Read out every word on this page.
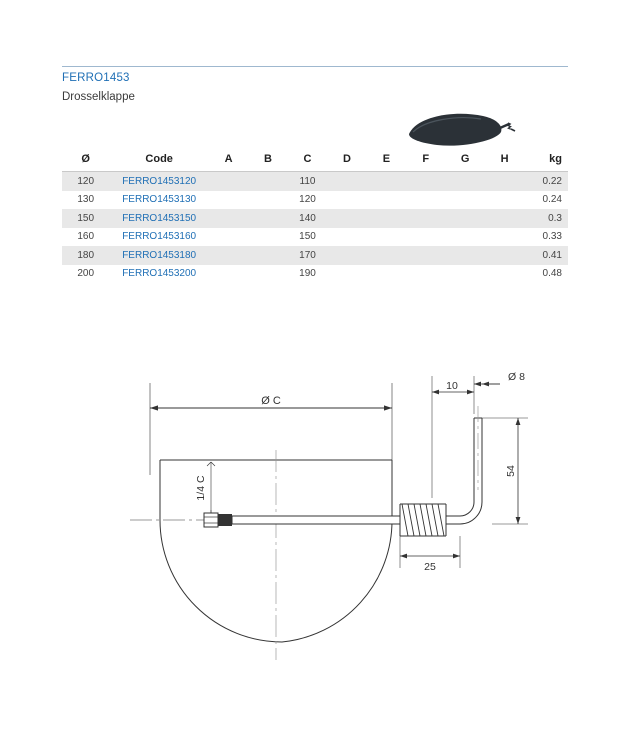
FERRO1453
Drosselklappe
Ø	Code	A	B	C	D	E	F	G	H	kg
120	FERRO1453120			110						0.22
130	FERRO1453130			120						0.24
150	FERRO1453150			140						0.3
160	FERRO1453160			150						0.33
180	FERRO1453180			170						0.41
200	FERRO1453200			190						0.48
Ø C
1/4 C
10
Ø 8
54
25
